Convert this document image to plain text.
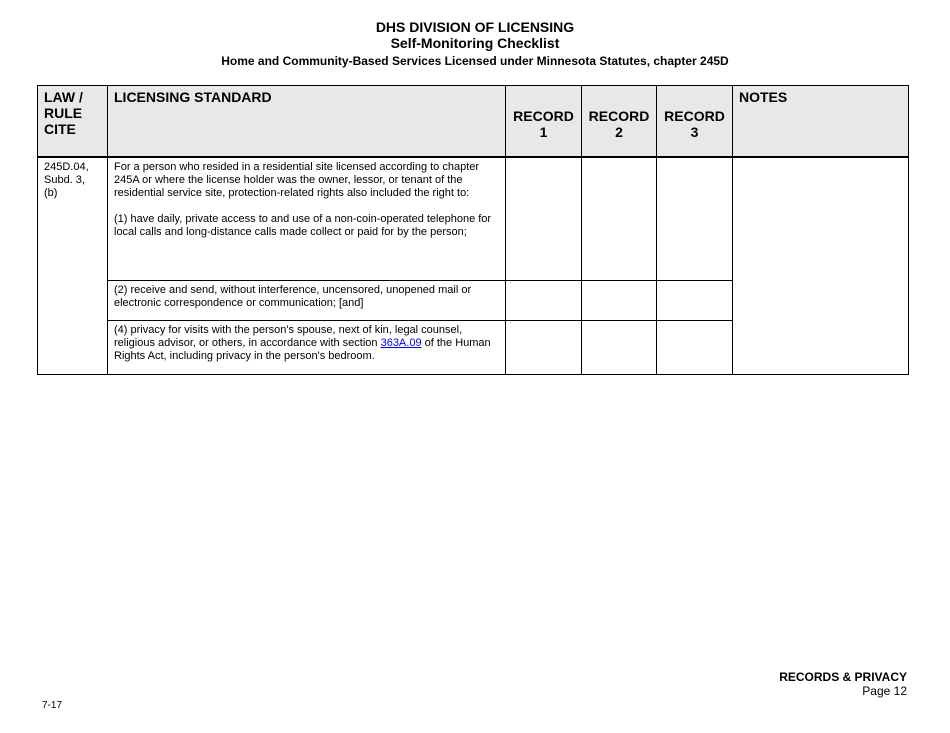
DHS DIVISION OF LICENSING
Self-Monitoring Checklist
Home and Community-Based Services Licensed under Minnesota Statutes, chapter 245D
LAW / RULE CITE	LICENSING STANDARD	RECORD 1	RECORD 2	RECORD 3	NOTES
245D.04, Subd. 3, (b)	For a person who resided in a residential site licensed according to chapter 245A or where the license holder was the owner, lessor, or tenant of the residential service site, protection-related rights also included the right to:
(1) have daily, private access to and use of a non-coin-operated telephone for local calls and long-distance calls made collect or paid for by the person;				

	(2) receive and send, without interference, uncensored, unopened mail or electronic correspondence or communication; [and]				

	(4) privacy for visits with the person's spouse, next of kin, legal counsel, religious advisor, or others, in accordance with section 363A.09 of the Human Rights Act, including privacy in the person's bedroom.				
RECORDS & PRIVACY
Page 12
7-17
